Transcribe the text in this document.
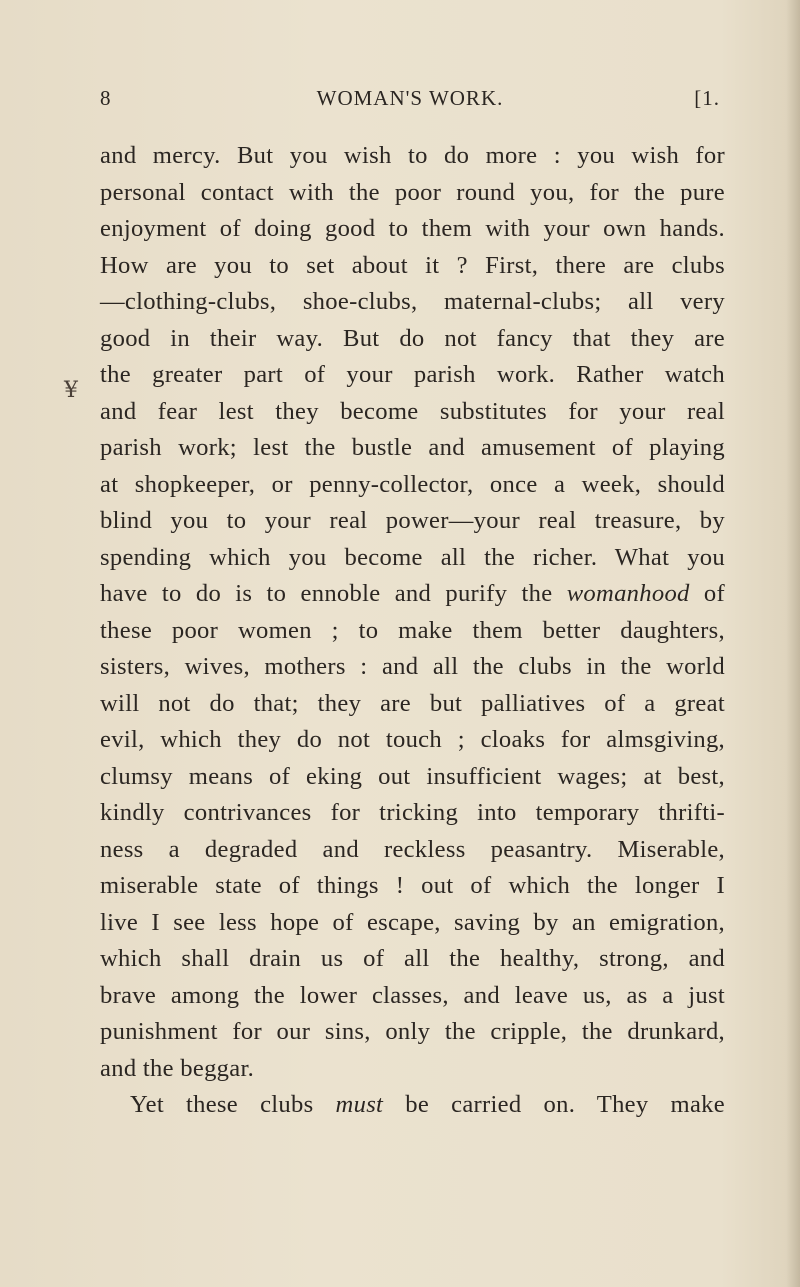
8	WOMAN'S WORK.	[1.
¥
and mercy. But you wish to do more : you wish for
personal contact with the poor round you, for the pure
enjoyment of doing good to them with your own hands.
How are you to set about it ? First, there are clubs
—clothing-clubs, shoe-clubs, maternal-clubs; all very
good in their way. But do not fancy that they are
the greater part of your parish work. Rather watch
and fear lest they become substitutes for your real
parish work; lest the bustle and amusement of playing
at shopkeeper, or penny-collector, once a week, should
blind you to your real power—your real treasure, by
spending which you become all the richer. What you
have to do is to ennoble and purify the womanhood of
these poor women ; to make them better daughters,
sisters, wives, mothers : and all the clubs in the world
will not do that; they are but palliatives of a great
evil, which they do not touch ; cloaks for almsgiving,
clumsy means of eking out insufficient wages; at best,
kindly contrivances for tricking into temporary thrifti-
ness a degraded and reckless peasantry. Miserable,
miserable state of things ! out of which the longer I
live I see less hope of escape, saving by an emigration,
which shall drain us of all the healthy, strong, and
brave among the lower classes, and leave us, as a just
punishment for our sins, only the cripple, the drunkard,
and the beggar.
Yet these clubs must be carried on. They make
